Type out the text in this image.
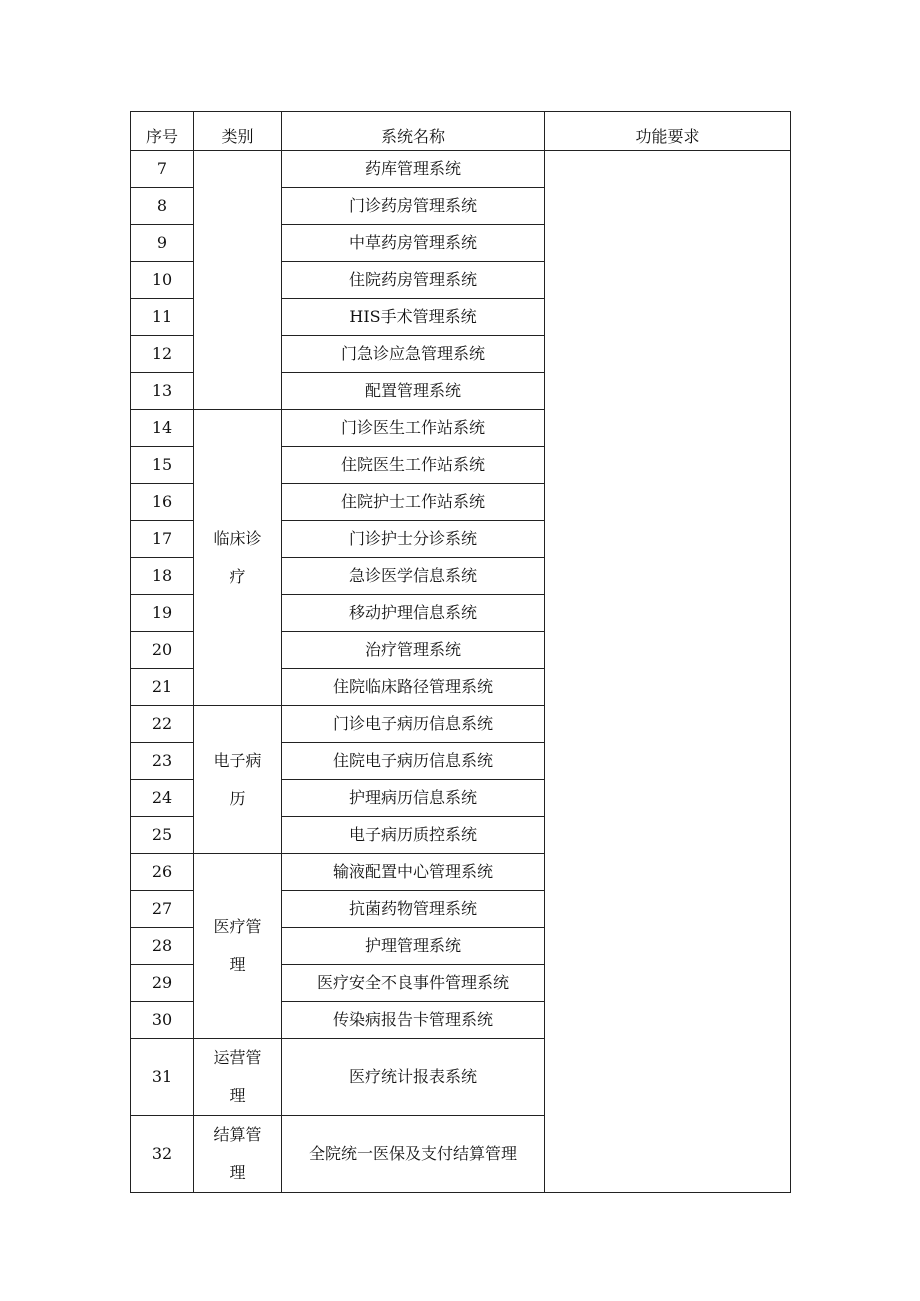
序号	类别	系统名称	功能要求
7		药库管理系统	
8		门诊药房管理系统	
9		中草药房管理系统	
10		住院药房管理系统	
11		HIS手术管理系统	
12		门急诊应急管理系统	
13		配置管理系统	
14	临床诊疗	门诊医生工作站系统	
15		住院医生工作站系统	
16		住院护士工作站系统	
17		门诊护士分诊系统	
18		急诊医学信息系统	
19		移动护理信息系统	
20		治疗管理系统	
21		住院临床路径管理系统	
22	电子病历	门诊电子病历信息系统	
23		住院电子病历信息系统	
24		护理病历信息系统	
25		电子病历质控系统	
26	医疗管理	输液配置中心管理系统	
27		抗菌药物管理系统	
28		护理管理系统	
29		医疗安全不良事件管理系统	
30		传染病报告卡管理系统	
31	运营管理	医疗统计报表系统	
32	结算管理	全院统一医保及支付结算管理	
